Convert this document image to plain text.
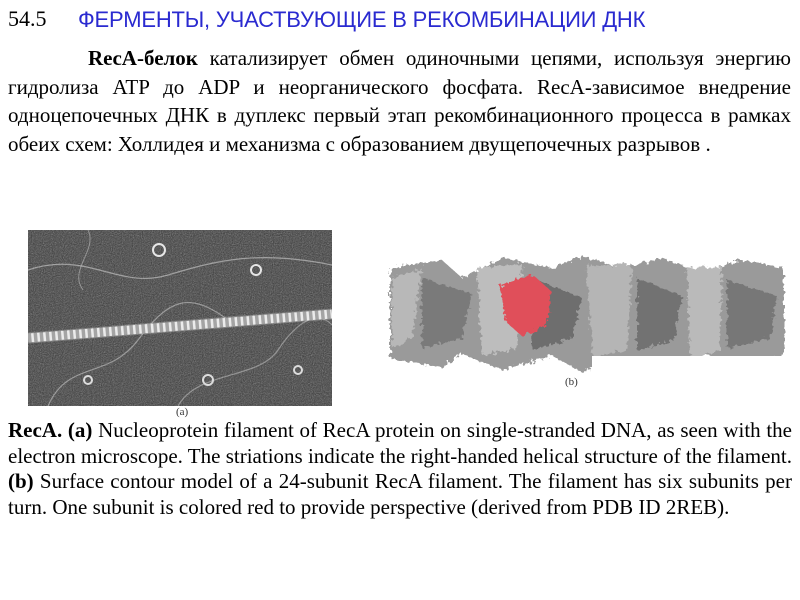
54.5 ФЕРМЕНТЫ, УЧАСТВУЮЩИЕ В РЕКОМБИНАЦИИ ДНК

RecA-белок катализирует обмен одиночными цепями, используя энергию гидролиза ATP до ADP и неорганического фосфата. RecA-зависимое внедрение одноцепочечных ДНК в дуплекс первый этап рекомбинационного процесса в рамках обеих схем: Холлидея и механизма с образованием двущепочечных разрывов .

(a)
(b)

RecA. (a) Nucleoprotein filament of RecA protein on single-stranded DNA, as seen with the electron microscope. The striations indicate the right-handed helical structure of the filament. (b) Surface contour model of a 24-subunit RecA filament. The filament has six subunits per turn. One subunit is colored red to provide perspective (derived from PDB ID 2REB).
